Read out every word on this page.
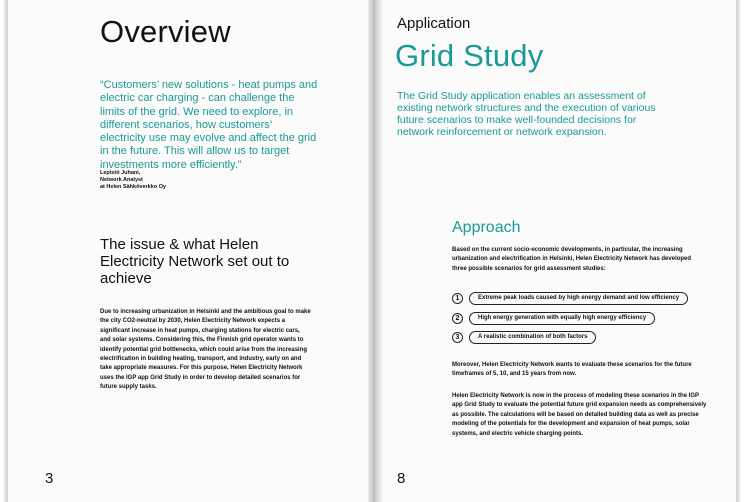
Overview
“Customers’ new solutions - heat pumps and electric car charging - can challenge the limits of the grid. We need to explore, in different scenarios, how customers’ electricity use may evolve and affect the grid in the future. This will allow us to target investments more efficiently.”
Lepistö Juhani,
Network Analyst
at Helen Sähköverkko Oy
The issue & what Helen Electricity Network set out to achieve
Due to increasing urbanization in Helsinki and the ambitious goal to make the city CO2-neutral by 2030, Helen Electricity Network expects a significant increase in heat pumps, charging stations for electric cars, and solar systems. Considering this, the Finnish grid operator wants to identify potential grid bottlenecks, which could arise from the increasing electrification in building heating, transport, and industry, early on and take appropriate measures. For this purpose, Helen Electricity Network uses the IGP app Grid Study in order to develop detailed scenarios for future supply tasks.
3
Application
Grid Study
The Grid Study application enables an assessment of existing network structures and the execution of various future scenarios to make well-founded decisions for network reinforcement or network expansion.
Approach
Based on the current socio-economic developments, in particular, the increasing urbanization and electrification in Helsinki, Helen Electricity Network has developed three possible scenarios for grid assessment studies:
1	Extreme peak loads caused by high energy demand and low efficiency
2	High energy generation with equally high energy efficiency
3	A realistic combination of both factors
Moreover, Helen Electricity Network wants to evaluate these scenarios for the future timeframes of 5, 10, and 15 years from now.
Helen Electricity Network is now in the process of modeling these scenarios in the IGP app Grid Study to evaluate the potential future grid expansion needs as comprehensively as possible. The calculations will be based on detailed building data as well as precise modeling of the potentials for the development and expansion of heat pumps, solar systems, and electric vehicle charging points.
8
